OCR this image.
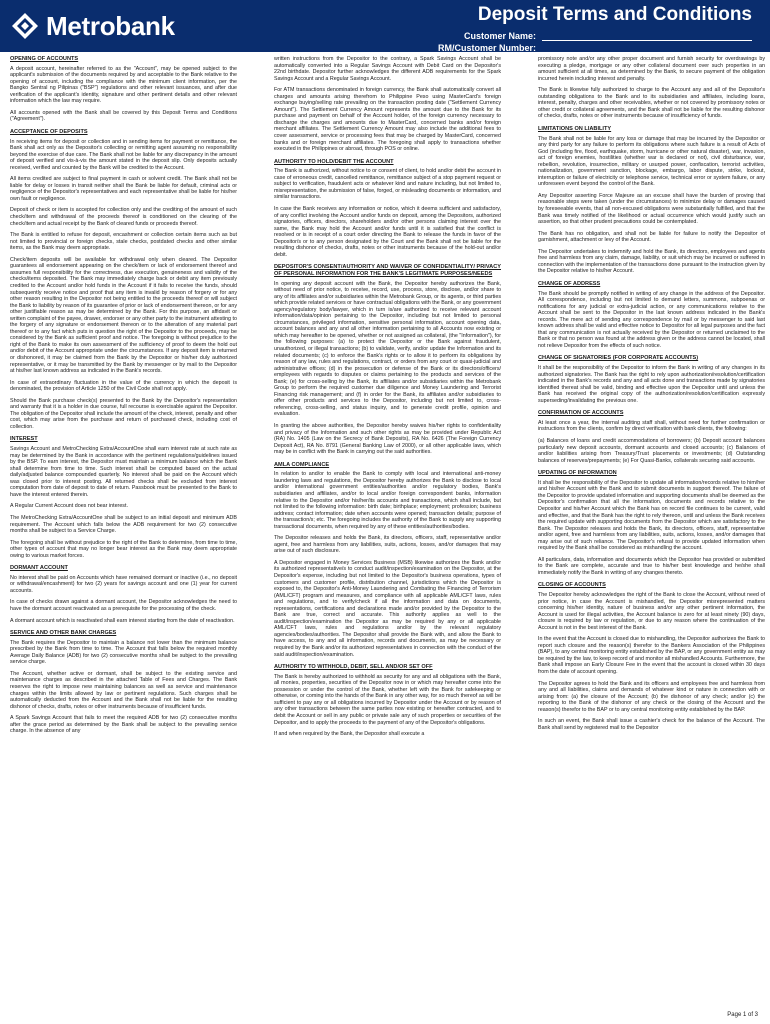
Metrobank	Deposit Terms and Conditions
Customer Name:
RM/Customer Number:
OPENING OF ACCOUNTS

A deposit account, hereinafter referred to as the "Account", may be opened subject to the applicant's submission of the documents required by and acceptable to the Bank relative to the opening of account, including the compliance with the minimum client information, per the Bangko Sentral ng Pilipinas ("BSP") regulations and other relevant issuances, and after due verification of the applicant's identity, signature and other pertinent details and other relevant information which the law may require.

All accounts opened with the Bank shall be covered by this Deposit Terms and Conditions ("Agreement").

ACCEPTANCE OF DEPOSITS

In receiving items for deposit or collection and in sending items for payment or remittance, the Bank shall act only as the Depositor's collecting or remitting agent assuming no responsibility beyond the exercise of due care. The Bank shall not be liable for any discrepancy in the amount of deposit verified and vis-à-vis the amount stated in the deposit slip. Only deposits actually received, verified and counted by the Bank will be credited to the Account.

All items credited are subject to final payment in cash or solvent credit. The Bank shall not be liable for delay or losses in transit neither shall the Bank be liable for default, criminal acts or negligence of the Depositor's representatives and each representative shall be liable for his/her own fault or negligence.

Deposit of check or item is accepted for collection only and the crediting of the amount of such check/item and withdrawal of the proceeds thereof is conditioned on the clearing of the check/item and actual receipt by the Bank of cleared funds or proceeds thereof.

The Bank is entitled to refuse for deposit, encashment or collection certain items such as but not limited to provincial or foreign checks, stale checks, postdated checks and other similar items, as the Bank may deem appropriate.

Check/item deposits will be available for withdrawal only when cleared. The Depositor guarantees all endorsement appearing on the check/item or lack of endorsement thereof and assumes full responsibility for the correctness, due execution, genuineness and validity of the checks/items deposited. The Bank may immediately charge back or debit any item previously credited to the Account and/or hold funds in the Account if it fails to receive the funds, should subsequently receive notice and proof that any item is invalid by reason of forgery or for any other reason resulting in the Depositor not being entitled to the proceeds thereof or will subject the Bank to liability by reason of its guarantee of prior or lack of endorsement thereon, or for any other justifiable reason as may be determined by the Bank. For this purpose, an affidavit or written complaint of the payee, drawer, endorser or any other party to the instrument attesting to the forgery of any signature or endorsement thereon or to the alteration of any material part thereof or to any fact which puts in question the right of the Depositor to the proceeds, may be considered by the Bank as sufficient proof and notice. The foregoing is without prejudice to the right of the Bank to make its own assessment of the sufficiency of proof to deem the hold out and/or debit of the Account appropriate under the circumstances. If any deposit item is returned or dishonored, it may be claimed from the Bank by the Depositor or his/her duly authorized representative, or it may be transmitted by the Bank by messenger or by mail to the Depositor at his/her last known address as indicated in the Bank's records.

In case of extraordinary fluctuation in the value of the currency in which the deposit is denominated, the provision of Article 1250 of the Civil Code shall not apply.

Should the Bank purchase check(s) presented to the Bank by the Depositor's representation and warranty that it is a holder in due course, full recourse is exercisable against the Depositor. The obligation of the Depositor shall include the amount of the check, interest, penalty and other cost, which may arise from the purchase and return of purchased check, including cost of collection.

INTEREST

Savings Account and MetroChecking Extra/AccountOne shall earn interest rate at such rate as may be determined by the Bank in accordance with the pertinent regulations/guidelines issued by the BSP. To earn interest, the Depositor must maintain a minimum balance which the Bank shall determine from time to time. Such interest shall be computed based on the actual daily/adjusted balance compounded quarterly. No interest shall be paid on the Account which was closed prior to interest posting. All returned checks shall be excluded from interest computation from date of deposit to date of return. Passbook must be presented to the Bank to have the interest entered therein.

A Regular Current Account does not bear interest.

The MetroChecking Extra/AccountOne shall be subject to an initial deposit and minimum ADB requirement. The Account which falls below the ADB requirement for two (2) consecutive months shall be subject to a Service Charge.

The foregoing shall be without prejudice to the right of the Bank to determine, from time to time, other types of account that may no longer bear interest as the Bank may deem appropriate owing to various market forces.

DORMANT ACCOUNT

No interest shall be paid on Accounts which have remained dormant or inactive (i.e., no deposit or withdrawal/encashment) for two (2) years for savings account and one (1) year for current accounts.

In case of checks drawn against a dormant account, the Depositor acknowledges the need to have the dormant account reactivated as a prerequisite for the processing of the check.

A dormant account which is reactivated shall earn interest starting from the date of reactivation.

SERVICE AND OTHER BANK CHARGES

The Bank requires the Depositor to maintain a balance not lower than the minimum balance prescribed by the Bank from time to time. The Account that falls below the required monthly Average Daily Balance (ADB) for two (2) consecutive months shall be subject to the prevailing service charge.

The Account, whether active or dormant, shall be subject to the existing service and maintenance charges as described in the attached Table of Fees and Charges. The Bank reserves the right to impose new maintaining balances as well as service and maintenance charges within the limits allowed by law or pertinent regulations. Such charges shall be automatically deducted from the Account and the Bank shall not be liable for the resulting dishonor of checks, drafts, notes or other instruments because of insufficient funds.

A Spark Savings Account that fails to meet the required ADB for two (2) consecutive months after the grace period as determined by the Bank shall be subject to the prevailing service charge. In the absence of any

written instructions from the Depositor to the contrary, a Spark Savings Account shall be automatically converted into a Regular Savings Account with Debit Card on the Depositor's 22nd birthdate. Depositor further acknowledges the different ADB requirements for the Spark Savings Account and a Regular Savings Account.

For ATM transactions denominated in foreign currency, the Bank shall automatically convert all charges and amounts arising therefrom to Philippine Peso using MasterCard's foreign exchange buying/selling rate prevailing on the transaction posting date ("Settlement Currency Amount"). The Settlement Currency Amount represents the amount due to the Bank for its purchase and payment on behalf of the Account holder, of the foreign currency necessary to discharge the charges and amounts due to MasterCard, concerned banks and/or foreign merchant affiliates. The Settlement Currency Amount may also include the additional fees to cover assessment, service or processing fees that may be charged by MasterCard, concerned banks and or foreign merchant affiliates. The foregoing shall apply to transactions whether executed in the Philippines or abroad, through POS or online.

AUTHORITY TO HOLD/DEBIT THE ACCOUNT

The Bank is authorized, without notice to or consent of client, to hold and/or debit the account in case of erroneous credit, cancelled remittance, remittance subject of a stop payment request or subject to verification, fraudulent acts or whatever kind and nature including, but not limited to, misrepresentation, the submission of false, forged, or misleading documents or information, and similar transactions.

In case the Bank receives any information or notice, which it deems sufficient and satisfactory, of any conflict involving the Account and/or funds on deposit, among the Depositors, authorized signatories, officers, directors, shareholders and/or other persons claiming interest over the same, the Bank may hold the Account and/or funds until it is satisfied that the conflict is resolved or is in receipt of a court order directing the Bank to release the funds in favor of the Depositor/s or to any person designated by the Court and the Bank shall not be liable for the resulting dishonor of checks, drafts, notes or other instruments because of the hold-out and/or debit.

DEPOSITOR'S CONSENT/AUTHORITY AND WAIVER OF CONFIDENTIALITY/ PRIVACY OF PERSONAL INFORMATION FOR THE BANK'S LEGITIMATE PURPOSES/NEEDS

In opening any deposit account with the Bank, the Depositor hereby authorizes the Bank, without need of prior notice, to receive, record, use, process, store, disclose, and/or share to any of its affiliates and/or subsidiaries within the Metrobank Group, or its agents, or third parties which provide related services or have contractual obligations with the Bank, or any government agency/regulatory body/lawyer, which in turn is/are authorized to receive relevant account information/data/opinion pertaining to the Depositor, including but not limited to personal circumstances, privileged information, sensitive personal information, account opening data, account balances and any and all other information pertaining to all Accounts now existing or which may hereafter to be opened, whether or not assigned as collateral, (the "Information"), for the following purposes: (a) to protect the Depositor or the Bank against fraudulent, unauthorized, or illegal transactions; (b) to validate, verify, and/or update the Information and its related documents; (c) to enforce the Bank's rights or to allow it to perform its obligations by reason of any law, rules and regulations, contract, or orders from any court or quasi-judicial and administrative offices; (d) in the prosecution or defense of the Bank or its directors/officers/ employees with regards to disputes or claims pertaining to the products and services of the Bank; (e) for cross-selling by the Bank, its affiliates and/or subsidiaries within the Metrobank Group to perform the required customer due diligence and Money Laundering and Terrorist Financing risk management; and (f) in order for the Bank, its affiliates and/or subsidiaries to offer other products and services to the Depositor, including but not limited to, cross-referencing, cross-selling, and status inquiry, and to generate credit profile, opinion and evaluation.

In granting the above authorities, the Depositor hereby waives his/her rights to confidentiality and privacy of the Information and such other rights as may be provided under Republic Act (RA) No. 1405 (Law on the Secrecy of Bank Deposits), RA No. 6426 (The Foreign Currency Deposit Act), RA No. 8791 (General Banking Law of 2000), or all other applicable laws, which may be in conflict with the Bank in carrying out the said authorities.

AMLA COMPLIANCE

In relation to and/or to enable the Bank to comply with local and international anti-money laundering laws and regulations, the Depositor hereby authorizes the Bank to disclose to local and/or international government entities/authorities and/or regulatory bodies, Bank's subsidiaries and affiliates, and/or to local and/or foreign correspondent banks, information relative to the Depositor and/or his/her/its accounts and transactions, which shall include, but not limited to the following information: birth date; birthplace; employment; profession; business address; contact information; date when accounts were opened; transaction details; purpose of the transaction/s; etc. The foregoing includes the authority of the Bank to supply any supporting transactional documents, when required by any of these entities/authorities/bodies.

The Depositor releases and holds the Bank, its directors, officers, staff, representative and/or agent, free and harmless from any liabilities, suits, actions, losses, and/or damages that may arise out of such disclosure.

A Depositor engaged in Money Services Business (MSB) likewise authorizes the Bank and/or its authorized representative/s to conduct audit/inspection/examination on the Depositor, at the Depositor's expense, including but not limited to the Depositor's business operations, types of customers and customer profile, distribution channel, jurisdictions which the Depositor is exposed to, the Depositor's Anti-Money Laundering and Combating the Financing of Terrorism (AML/CFT) program and measures, and compliance with all applicable AML/CFT laws, rules and regulations, and to verify/check if all the information and data on documents, representations, certifications and declarations made and/or provided by the Depositor to the Bank are true, correct and accurate. This authority applies as well to the audit/inspection/examination the Depositor as may be required by any or all applicable AML/CFT laws, rules and regulations and/or by the relevant regulatory agencies/bodies/authorities. The Depositor shall provide the Bank with, and allow the Bank to have access, to any and all information, records and documents, as may be necessary or required by the Bank and/or its authorized representatives in connection with the conduct of the said audit/inspection/examination.

AUTHORITY TO WITHHOLD, DEBIT, SELL AND/OR SET OFF

The Bank is hereby authorized to withhold as security for any and all obligations with the Bank, all monies, properties, securities of the Depositor now in or which may hereafter come into the possession or under the control of the Bank, whether left with the Bank for safekeeping or otherwise, or coming into the hands of the Bank in any other way, for so much thereof as will be sufficient to pay any or all obligations incurred by Depositor under the Account or by reason of any other transactions between the same parties now existing or hereafter contracted, and to debit the Account or sell in any public or private sale any of such properties or securities of the Depositor, and to apply the proceeds to the payment of any of the Depositor's obligations.

If and when required by the Bank, the Depositor shall execute a

promissory note and/or any other proper document and furnish security for overdrawings by executing a pledge, mortgage or any other collateral document over such properties in an amount sufficient at all times, as determined by the Bank, to secure payment of the obligation incurred herein including interest and penalty.

The Bank is likewise fully authorized to charge to the Account any and all of the Depositor's outstanding obligations to the Bank and to its subsidiaries and affiliates, including loans, interest, penalty, charges and other receivables, whether or not covered by promissory notes or other credit or collateral agreements, and the Bank shall not be liable for the resulting dishonor of checks, drafts, notes or other instruments because of insufficiency of funds.

LIMITATIONS ON LIABILITY

The Bank shall not be liable for any loss or damage that may be incurred by the Depositor or any third party for any failure to perform its obligations where such failure is a result of Acts of God (including fire, flood, earthquake, storm, hurricane or other natural disaster), war, invasion, act of foreign enemies, hostilities (whether war is declared or not), civil disturbance, war, rebellion, revolution, insurrection, military or usurped power, confiscation, terrorist activities, nationalization, government sanction, blockage, embargo, labor dispute, strike, lockout, interruption or failure of electricity or telephone service, technical error or system failure, or any unforeseen event beyond the control of the Bank.

Any Depositor asserting Force Majeure as an excuse shall have the burden of proving that reasonable steps were taken (under the circumstances) to minimize delay or damages caused by foreseeable events, that all non-excused obligations were substantially fulfilled, and that the Bank was timely notified of the likelihood or actual occurrence which would justify such an assertion, so that other prudent precautions could be contemplated.

The Bank has no obligation, and shall not be liable for failure to notify the Depositor of garnishment, attachment or levy of the Account.

The Depositor undertakes to indemnify and hold the Bank, its directors, employees and agents free and harmless from any claim, damage, liability, or suit which may be incurred or suffered in connection with the implementation of the transactions done pursuant to the instruction given by the Depositor relative to his/her Account.

CHANGE OF ADDRESS

The Bank should be promptly notified in writing of any change in the address of the Depositor. All correspondence, including but not limited to demand letters, summons, subpoenas or notifications for any judicial or extra-judicial action, or any communications relative to the Account shall be sent to the Depositor in the last known address indicated in the Bank's records. The mere act of sending any correspondence by mail or by messenger to said last known address shall be valid and effective notice to Depositor for all legal purposes and the fact that any communication is not actually received by the Depositor or returned unclaimed to the Bank or that no person was found at the address given or the address cannot be located, shall not relieve Depositor from the effects of such notice.

CHANGE OF SIGNATORIES (FOR CORPORATE ACCOUNTS)

It shall be the responsibility of the Depositor to inform the Bank in writing of any changes in its authorized signatories. The Bank has the right to rely upon authorization/resolution/certification indicated in the Bank's records and any and all acts done and transactions made by signatories identified thereat shall be valid, binding and effective upon the Depositor until and unless the Bank has received the original copy of the authorization/resolution/certification expressly superseding/invalidating the previous one.

CONFIRMATION OF ACCOUNTS

At least once a year, the internal auditing staff shall, without need for further confirmation or instructions from the clients, confirm by direct verification with bank clients, the following:

(a) Balances of loans and credit accommodations of borrowers; (b) Deposit account balances particularly new deposit accounts, dormant accounts and closed accounts; (c) Balances of and/or liabilities arising from Treasury/Trust placements or investments; (d) Outstanding balances of reserves/prepayments; (e) For Quasi-Banks, collaterals securing said accounts.

UPDATING OF INFORMATION

It shall be the responsibility of the Depositor to update all information/records relative to him/her and his/her Account with the Bank and to submit documents in support thereof. The failure of the Depositor to provide updated information and supporting documents shall be deemed as the Depositor's confirmation that all the information, documents and records relative to the Depositor and his/her Account which the Bank has on record file continues to be current, valid and effective, and that the Bank has the right to rely thereon, until and unless the Bank receives the required update with supporting documents from the Depositor which are satisfactory to the Bank. The Depositor releases and holds the Bank, its directors, officers, staff, representative and/or agent, free and harmless from any liabilities, suits, actions, losses, and/or damages that may arise out of such reliance. The Depositor's refusal to provide updated information when required by the Bank shall be considered as mishandling the account.

All particulars, data, information and documents which the Depositor has provided or submitted to the Bank are complete, accurate and true to his/her best knowledge and he/she shall immediately notify the Bank in writing of any changes thereto.

CLOSING OF ACCOUNTS

The Depositor hereby acknowledges the right of the Bank to close the Account, without need of prior notice, in case the Account is mishandled, the Depositor misrepresented matters concerning his/her identity, nature of business and/or any other pertinent information, the Account is used for illegal activities, the Account balance is zero for at least ninety (90) days, closure is required by law or regulation, or due to any reason where the continuation of the Account is not in the best interest of the Bank.

In the event that the Account is closed due to mishandling, the Depositor authorizes the Bank to report such closure and the reason(s) therefor to the Bankers Association of the Philippines (BAP), to any central monitoring entity established by the BAP, or any government entity as may be required by the law, to keep record of and monitor all mishandled Accounts. Furthermore, the Bank shall impose an Early Closure Fee in the event that the account is closed within 30 days from the date of account opening.

The Depositor agrees to hold the Bank and its officers and employees free and harmless from any and all liabilities, claims and demands of whatever kind or nature in connection with or arising from: (a) the closure of the Account; (b) the dishonor of any check; and/or (c) the reporting to the Bank of the dishonor of any check or the closing of the Account and the reason(s) therefor to the BAP or to any central monitoring entity established by the BAP.

In such an event, the Bank shall issue a cashier's check for the balance of the Account. The Bank shall send by registered mail to the Depositor

Page 1 of 3
